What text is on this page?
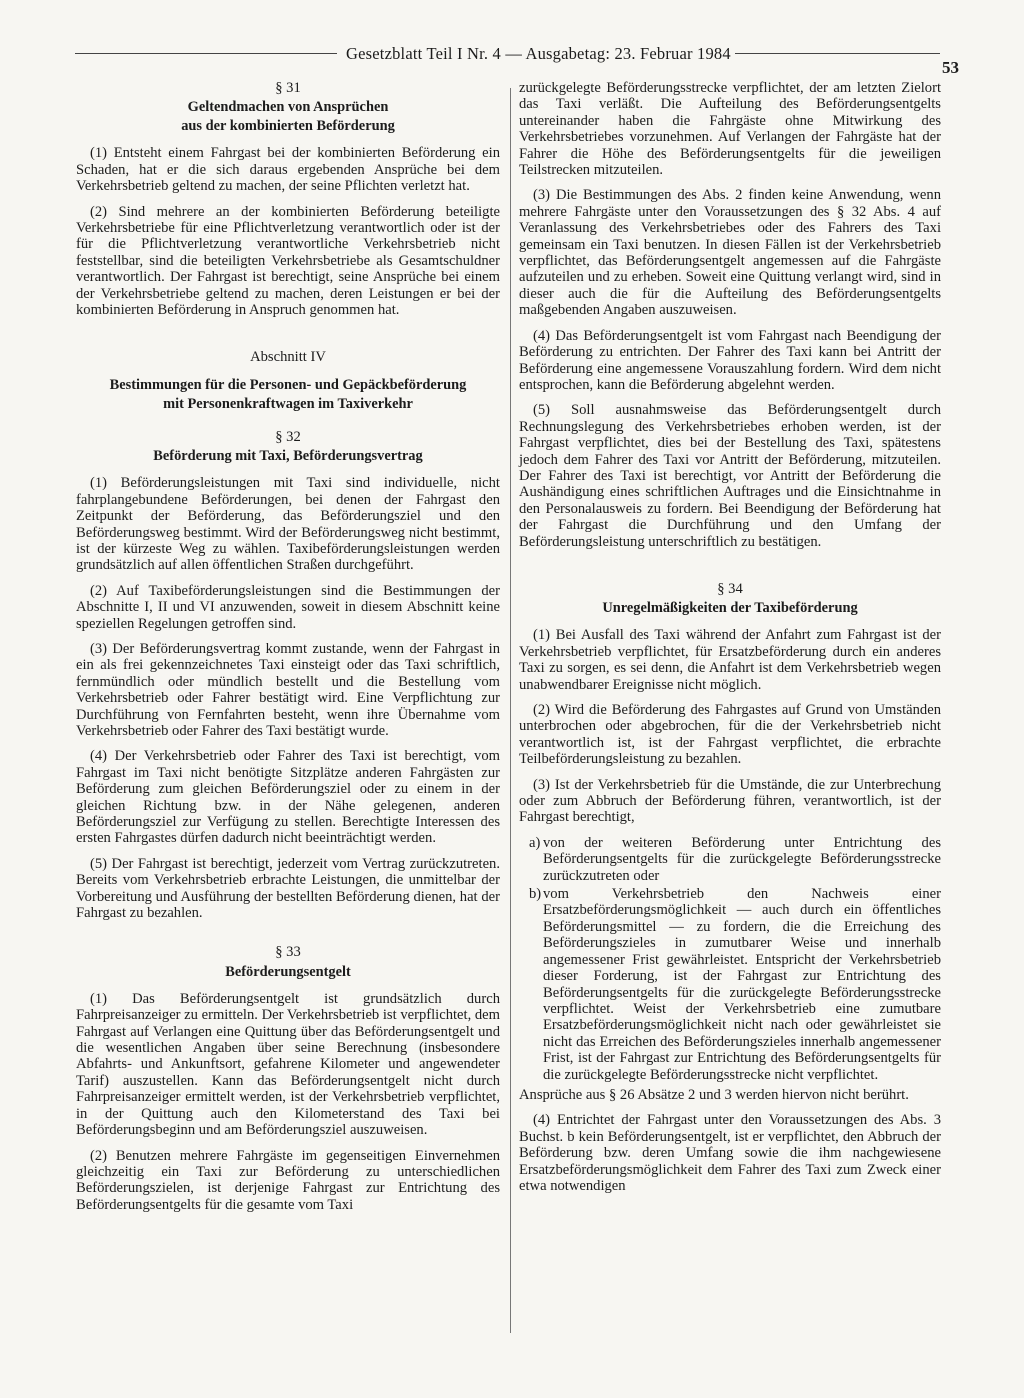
Gesetzblatt Teil I Nr. 4 — Ausgabetag: 23. Februar 1984
53
§ 31
Geltendmachen von Ansprüchen
aus der kombinierten Beförderung

(1) Entsteht einem Fahrgast bei der kombinierten Beförderung ein Schaden, hat er die sich daraus ergebenden Ansprüche bei dem Verkehrsbetrieb geltend zu machen, der seine Pflichten verletzt hat.

(2) Sind mehrere an der kombinierten Beförderung beteiligte Verkehrsbetriebe für eine Pflichtverletzung verantwortlich oder ist der für die Pflichtverletzung verantwortliche Verkehrsbetrieb nicht feststellbar, sind die beteiligten Verkehrsbetriebe als Gesamtschuldner verantwortlich. Der Fahrgast ist berechtigt, seine Ansprüche bei einem der Verkehrsbetriebe geltend zu machen, deren Leistungen er bei der kombinierten Beförderung in Anspruch genommen hat.

Abschnitt IV
Bestimmungen für die Personen- und Gepäckbeförderung
mit Personenkraftwagen im Taxiverkehr
§ 32
Beförderung mit Taxi, Beförderungsvertrag

(1) Beförderungsleistungen mit Taxi sind individuelle, nicht fahrplangebundene Beförderungen, bei denen der Fahrgast den Zeitpunkt der Beförderung, das Beförderungsziel und den Beförderungsweg bestimmt. Wird der Beförderungsweg nicht bestimmt, ist der kürzeste Weg zu wählen. Taxibeförderungsleistungen werden grundsätzlich auf allen öffentlichen Straßen durchgeführt.

(2) Auf Taxibeförderungsleistungen sind die Bestimmungen der Abschnitte I, II und VI anzuwenden, soweit in diesem Abschnitt keine speziellen Regelungen getroffen sind.

(3) Der Beförderungsvertrag kommt zustande, wenn der Fahrgast in ein als frei gekennzeichnetes Taxi einsteigt oder das Taxi schriftlich, fernmündlich oder mündlich bestellt und die Bestellung vom Verkehrsbetrieb oder Fahrer bestätigt wird. Eine Verpflichtung zur Durchführung von Fernfahrten besteht, wenn ihre Übernahme vom Verkehrsbetrieb oder Fahrer des Taxi bestätigt wurde.

(4) Der Verkehrsbetrieb oder Fahrer des Taxi ist berechtigt, vom Fahrgast im Taxi nicht benötigte Sitzplätze anderen Fahrgästen zur Beförderung zum gleichen Beförderungsziel oder zu einem in der gleichen Richtung bzw. in der Nähe gelegenen, anderen Beförderungsziel zur Verfügung zu stellen. Berechtigte Interessen des ersten Fahrgastes dürfen dadurch nicht beeinträchtigt werden.

(5) Der Fahrgast ist berechtigt, jederzeit vom Vertrag zurückzutreten. Bereits vom Verkehrsbetrieb erbrachte Leistungen, die unmittelbar der Vorbereitung und Ausführung der bestellten Beförderung dienen, hat der Fahrgast zu bezahlen.

§ 33
Beförderungsentgelt

(1) Das Beförderungsentgelt ist grundsätzlich durch Fahrpreisanzeiger zu ermitteln. Der Verkehrsbetrieb ist verpflichtet, dem Fahrgast auf Verlangen eine Quittung über das Beförderungsentgelt und die wesentlichen Angaben über seine Berechnung (insbesondere Abfahrts- und Ankunftsort, gefahrene Kilometer und angewendeter Tarif) auszustellen. Kann das Beförderungsentgelt nicht durch Fahrpreisanzeiger ermittelt werden, ist der Verkehrsbetrieb verpflichtet, in der Quittung auch den Kilometerstand des Taxi bei Beförderungsbeginn und am Beförderungsziel auszuweisen.

(2) Benutzen mehrere Fahrgäste im gegenseitigen Einvernehmen gleichzeitig ein Taxi zur Beförderung zu unterschiedlichen Beförderungszielen, ist derjenige Fahrgast zur Entrichtung des Beförderungsentgelts für die gesamte vom Taxi

zurückgelegte Beförderungsstrecke verpflichtet, der am letzten Zielort das Taxi verläßt. Die Aufteilung des Beförderungsentgelts untereinander haben die Fahrgäste ohne Mitwirkung des Verkehrsbetriebes vorzunehmen. Auf Verlangen der Fahrgäste hat der Fahrer die Höhe des Beförderungsentgelts für die jeweiligen Teilstrecken mitzuteilen.

(3) Die Bestimmungen des Abs. 2 finden keine Anwendung, wenn mehrere Fahrgäste unter den Voraussetzungen des § 32 Abs. 4 auf Veranlassung des Verkehrsbetriebes oder des Fahrers des Taxi gemeinsam ein Taxi benutzen. In diesen Fällen ist der Verkehrsbetrieb verpflichtet, das Beförderungsentgelt angemessen auf die Fahrgäste aufzuteilen und zu erheben. Soweit eine Quittung verlangt wird, sind in dieser auch die für die Aufteilung des Beförderungsentgelts maßgebenden Angaben auszuweisen.

(4) Das Beförderungsentgelt ist vom Fahrgast nach Beendigung der Beförderung zu entrichten. Der Fahrer des Taxi kann bei Antritt der Beförderung eine angemessene Vorauszahlung fordern. Wird dem nicht entsprochen, kann die Beförderung abgelehnt werden.

(5) Soll ausnahmsweise das Beförderungsentgelt durch Rechnungslegung des Verkehrsbetriebes erhoben werden, ist der Fahrgast verpflichtet, dies bei der Bestellung des Taxi, spätestens jedoch dem Fahrer des Taxi vor Antritt der Beförderung, mitzuteilen. Der Fahrer des Taxi ist berechtigt, vor Antritt der Beförderung die Aushändigung eines schriftlichen Auftrages und die Einsichtnahme in den Personalausweis zu fordern. Bei Beendigung der Beförderung hat der Fahrgast die Durchführung und den Umfang der Beförderungsleistung unterschriftlich zu bestätigen.

§ 34
Unregelmäßigkeiten der Taxibeförderung

(1) Bei Ausfall des Taxi während der Anfahrt zum Fahrgast ist der Verkehrsbetrieb verpflichtet, für Ersatzbeförderung durch ein anderes Taxi zu sorgen, es sei denn, die Anfahrt ist dem Verkehrsbetrieb wegen unabwendbarer Ereignisse nicht möglich.

(2) Wird die Beförderung des Fahrgastes auf Grund von Umständen unterbrochen oder abgebrochen, für die der Verkehrsbetrieb nicht verantwortlich ist, ist der Fahrgast verpflichtet, die erbrachte Teilbeförderungsleistung zu bezahlen.

(3) Ist der Verkehrsbetrieb für die Umstände, die zur Unterbrechung oder zum Abbruch der Beförderung führen, verantwortlich, ist der Fahrgast berechtigt,

a) von der weiteren Beförderung unter Entrichtung des Beförderungsentgelts für die zurückgelegte Beförderungsstrecke zurückzutreten oder
b) vom Verkehrsbetrieb den Nachweis einer Ersatzbeförderungsmöglichkeit — auch durch ein öffentliches Beförderungsmittel — zu fordern, die die Erreichung des Beförderungszieles in zumutbarer Weise und innerhalb angemessener Frist gewährleistet. Entspricht der Verkehrsbetrieb dieser Forderung, ist der Fahrgast zur Entrichtung des Beförderungsentgelts für die zurückgelegte Beförderungsstrecke verpflichtet. Weist der Verkehrsbetrieb eine zumutbare Ersatzbeförderungsmöglichkeit nicht nach oder gewährleistet sie nicht das Erreichen des Beförderungszieles innerhalb angemessener Frist, ist der Fahrgast zur Entrichtung des Beförderungsentgelts für die zurückgelegte Beförderungsstrecke nicht verpflichtet.

Ansprüche aus § 26 Absätze 2 und 3 werden hiervon nicht berührt.

(4) Entrichtet der Fahrgast unter den Voraussetzungen des Abs. 3 Buchst. b kein Beförderungsentgelt, ist er verpflichtet, den Abbruch der Beförderung bzw. deren Umfang sowie die ihm nachgewiesene Ersatzbeförderungsmöglichkeit dem Fahrer des Taxi zum Zweck einer etwa notwendigen
